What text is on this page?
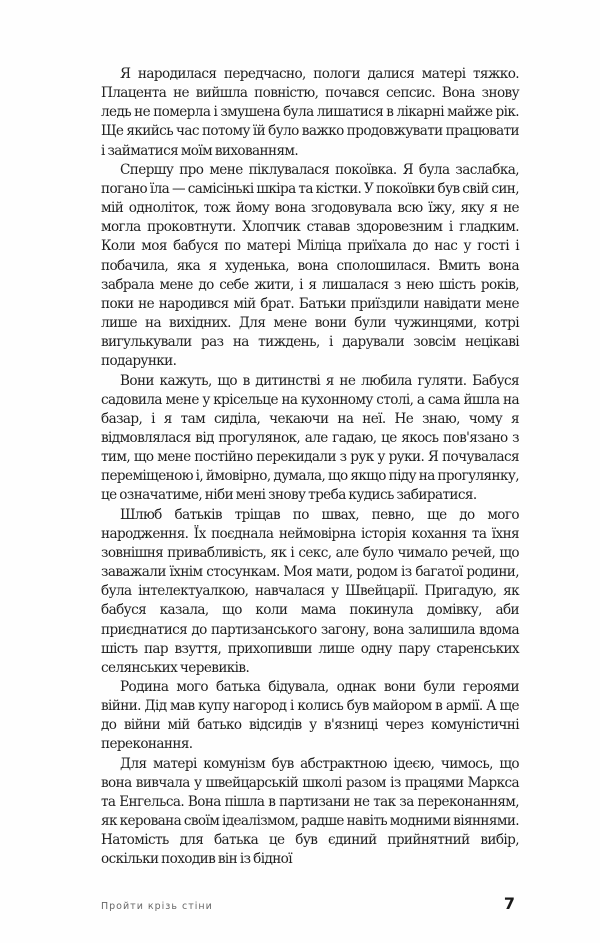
Я народилася передчасно, пологи далися матері тяжко. Плацента не вийшла повністю, почався сепсис. Вона знову ледь не померла і змушена була лишатися в лікарні майже рік. Ще якийсь час потому їй було важко продовжувати працювати і займатися моїм вихованням.

Спершу про мене піклувалася покоївка. Я була заслабка, погано їла — самісінькі шкіра та кістки. У покоївки був свій син, мій одноліток, тож йому вона згодовувала всю їжу, яку я не могла проковтнути. Хлопчик ставав здоровезним і гладким. Коли моя бабуся по матері Міліца приїхала до нас у гості і побачила, яка я худенька, вона сполошилася. Вмить вона забрала мене до себе жити, і я лишалася з нею шість років, поки не народився мій брат. Батьки приїздили навідати мене лише на вихідних. Для мене вони були чужинцями, котрі вигулькували раз на тиждень, і дарували зовсім нецікаві подарунки.

Вони кажуть, що в дитинстві я не любила гуляти. Бабуся садовила мене у крісельце на кухонному столі, а сама йшла на базар, і я там сиділа, чекаючи на неї. Не знаю, чому я відмовлялася від прогулянок, але гадаю, це якось пов'язано з тим, що мене постійно перекидали з рук у руки. Я почувалася переміщеною і, ймовірно, думала, що якщо піду на прогулянку, це означатиме, ніби мені знову треба кудись забиратися.

Шлюб батьків тріщав по швах, певно, ще до мого народження. Їх поєднала неймовірна історія кохання та їхня зовнішня привабливість, як і секс, але було чимало речей, що заважали їхнім стосункам. Моя мати, родом із багатої родини, була інтелектуалкою, навчалася у Швейцарії. Пригадую, як бабуся казала, що коли мама покинула домівку, аби приєднатися до партизанського загону, вона залишила вдома шість пар взуття, прихопивши лише одну пару старенських селянських черевиків.

Родина мого батька бідувала, однак вони були героями війни. Дід мав купу нагород і колись був майором в армії. А ще до війни мій батько відсидів у в'язниці через комуністичні переконання.

Для матері комунізм був абстрактною ідеєю, чимось, що вона вивчала у швейцарській школі разом із працями Маркса та Енгельса. Вона пішла в партизани не так за переконанням, як керована своїм ідеалізмом, радше навіть модними віяннями. Натомість для батька це був єдиний прийнятний вибір, оскільки походив він із бідної

Пройти крізь стіни	7
